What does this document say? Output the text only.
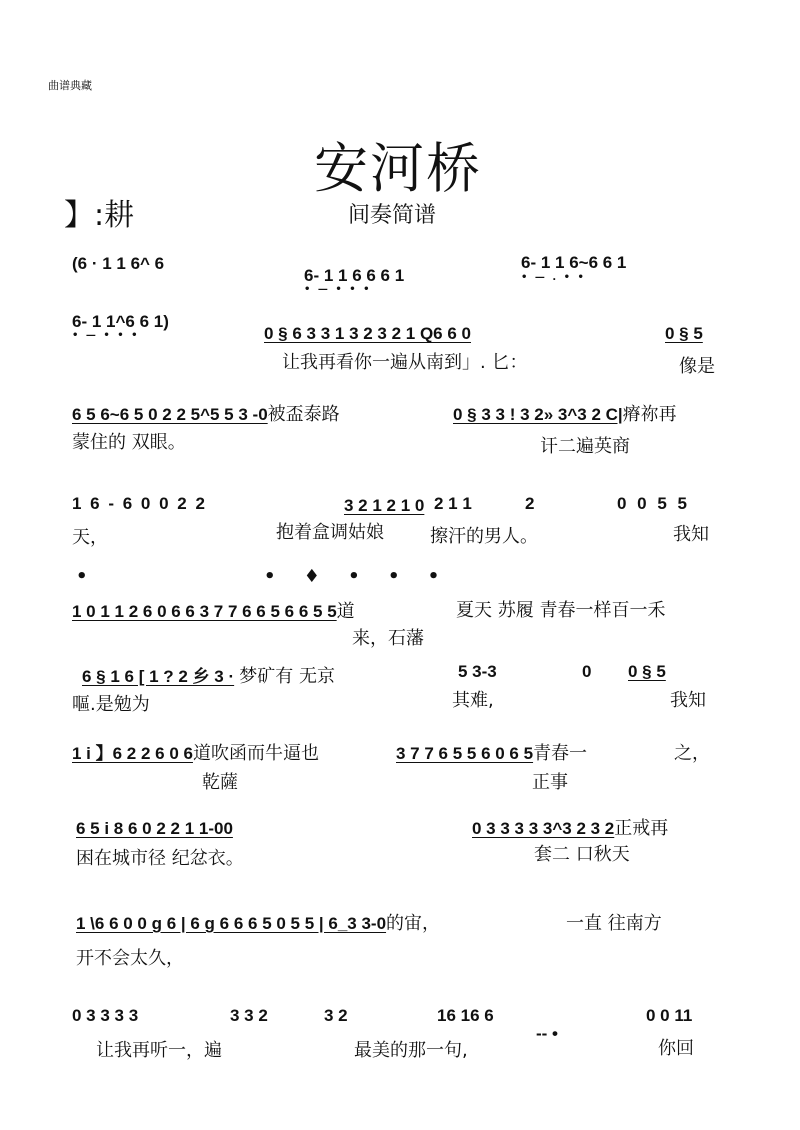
曲谱典藏
安河桥
】:耕	间奏简谱
(6 · 1 1 6^ 6
6- 1 1 6 6 6 1
• — • • •
6- 1 1 6~6 6 1
• — . • •
6- 1 1^6 6 1)
• — • • •	0 § 6 3 3 1 3 2 3 2 1 Q6 6 0	0 § 5
让我再看你一遍从南到」. 匕：	像是
6 5 6~6 5 0 2 2 5^5 5 3 -0被盃泰路	0 § 3 3 ! 3 2» 3^3 2 C|瘠祢再
蒙住的 双眼。	讦二遍英商
1 6 - 6 0 0 2 2	3 2 1 2 1 0 2 1 1	2	0 0 5 5
天，	抱着盒调姑娘	擦汗的男人。	我知
•	• ♦ • • •
1 0 1 1 2 6 0 6 6 3 7 7 6 6 5 6 6 5 5道	夏天 苏履 青春一样百一禾
来，石藩
6 § 1 6 [ 1 ? 2 乡 3 · 梦矿有 无京	5 3-3	0 0 § 5
嘔.是勉为	其难,	我知
1 i 】6 2 2 6 0 6道吹函而牛逼也	3 7 7 6 5 5 6 0 6 5青春一	之，
乾薩	正事
6 5 i 8 6 0 2 2 1 1-00	0 3 3 3 3 3^3 2 3 2正戒再
困在城市径 纪忿衣。	套二 口秋天
1 \6 6 0 0 g 6 | 6 g 6 6 6 5 0 5 5 | 6_3 3-0的宙，	一直 往南方
开不会太久，
0 3 3 3 3	3 3 2	3 2	16 16 6
-- •
0 0 11
让我再听一，遍	最美的那一句,	你回
